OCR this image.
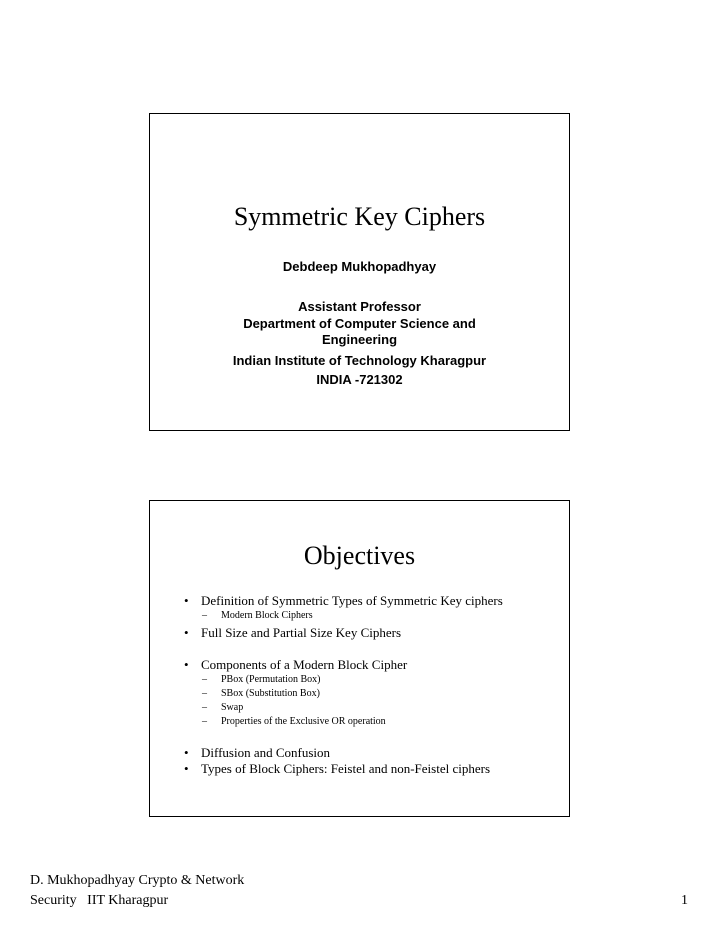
Symmetric Key Ciphers
Debdeep Mukhopadhyay
Assistant Professor
Department of Computer Science and
Engineering
Indian Institute of Technology Kharagpur
INDIA -721302
Objectives
• Definition of Symmetric Types of Symmetric Key ciphers
– Modern Block Ciphers
• Full Size and Partial Size Key Ciphers
• Components of a Modern Block Cipher
– PBox (Permutation Box)
– SBox (Substitution Box)
– Swap
– Properties of the Exclusive OR operation
• Diffusion and Confusion
• Types of Block Ciphers: Feistel and non-Feistel ciphers
D. Mukhopadhyay Crypto & Network
Security   IIT Kharagpur	1
